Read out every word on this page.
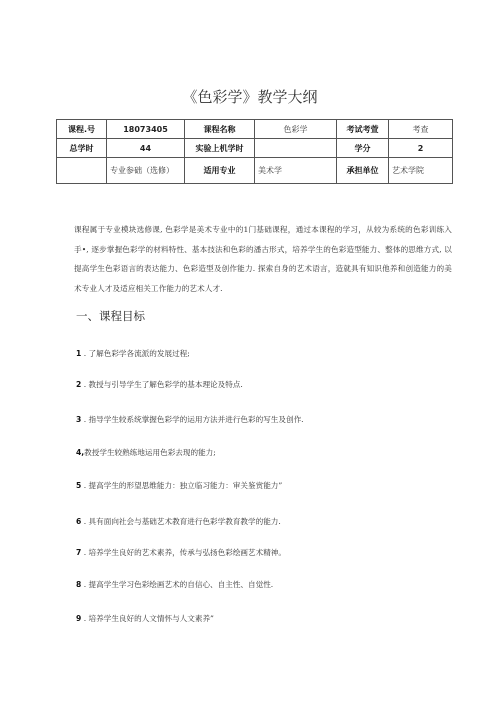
《色彩学》教学大纲
课程.号	18073405	课程名称	色彩学	考试考萱	考查
总学时	44	实验上机学时		学分	2
	专业参础（选修）	适用专业	美术学	承担单位	艺术学院
课程属于专业模块选修课, 色彩学是美术专业中的1门基础课程，通过本课程的学习，从较为系统的色彩训练入手•, 逐步掌握色彩学的材料特性、基本技法和色彩的潘古形式，培养学生的色彩造型能力、整体的思维方式, 以提高学生色彩语言的表达能力、色彩造型及创作能力. 探索自身的艺术语言，造就具有知识他养和创造能力的美术专业人才及适应相关工作能力的艺术人才.
一、课程目标
1 . 了解色彩学各流派的发展过程;
2 . 教授与引导学生了解色彩学的基本理论及特点.
3 . 指导学生较系统掌握色彩学的运用方法并进行色彩的写生及创作.
4,教授学生较熟练地运用色彩去现的能力;
5 . 提高学生的形望思维能力：独立临习能力：审关鉴赏能力”
6 . 具有面向社会与基础艺术教育进行色彩学教育教学的能力.
7 . 培养学生良好的艺术素养，传承与弘扬色彩绘画艺术精神。
8 . 提高学生学习色彩绘画艺术的自信心、自主性、自觉性.
9 . 培养学生良好的人文情怀与人文素养”
